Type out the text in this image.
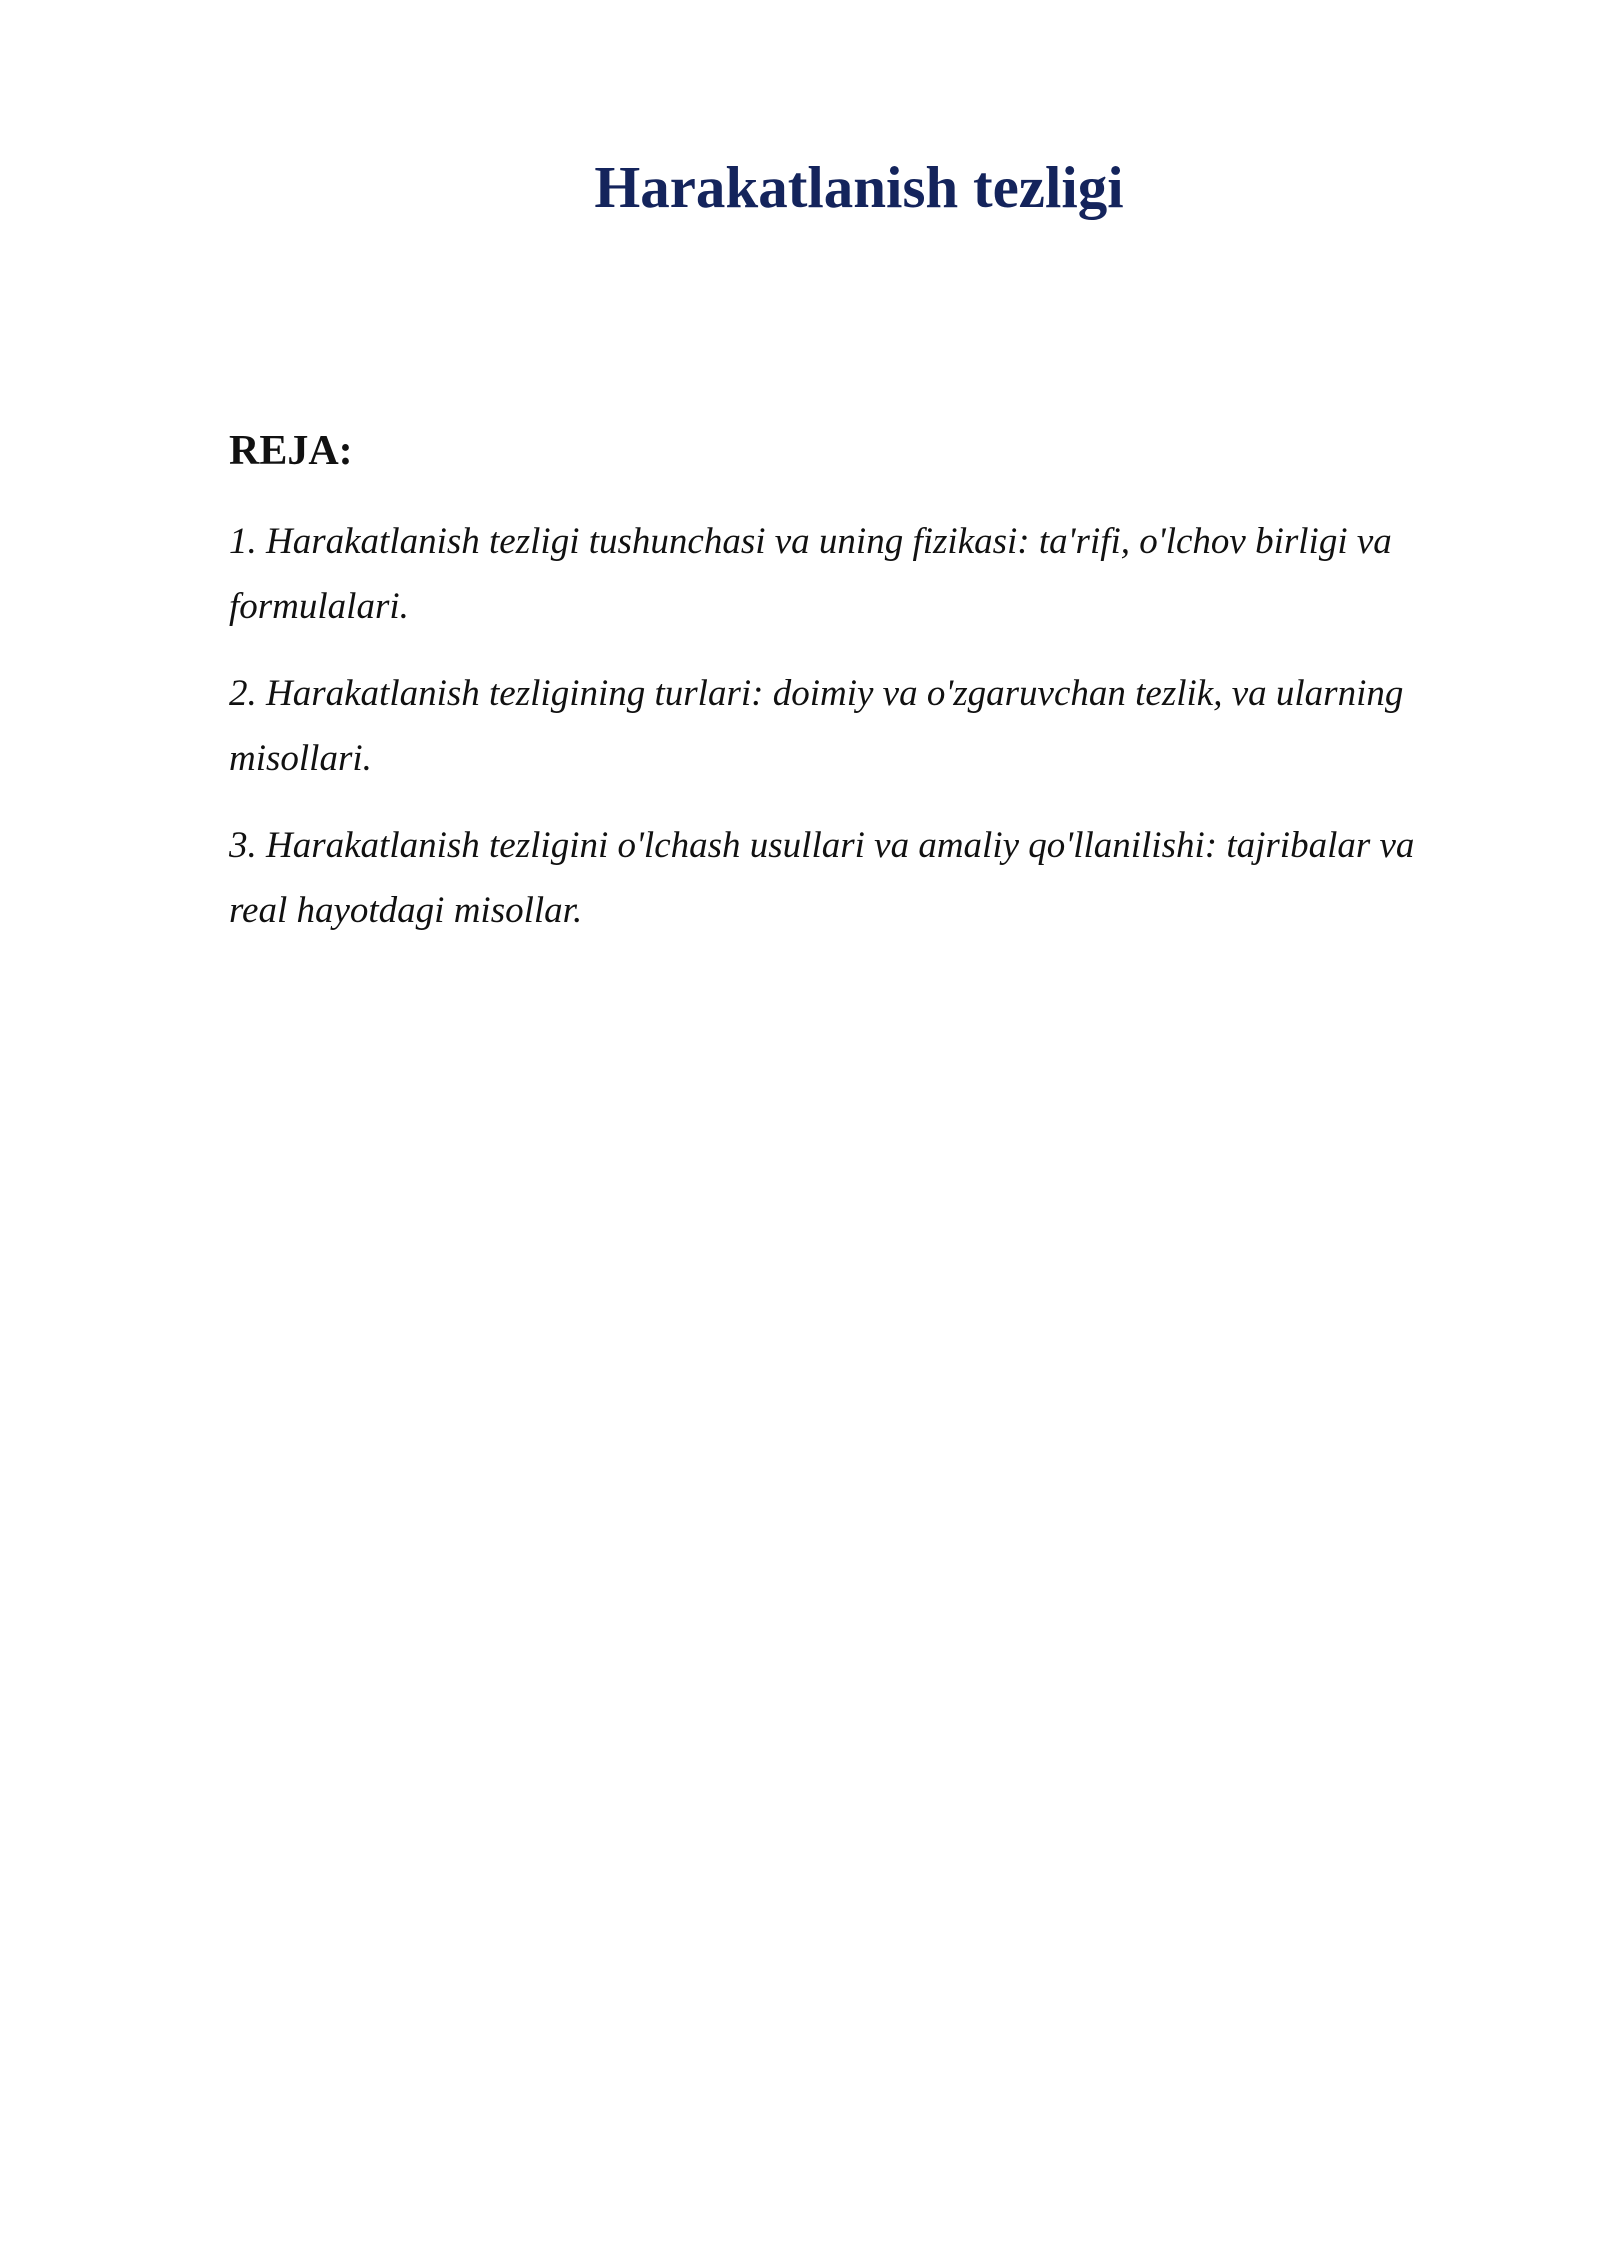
Harakatlanish tezligi
REJA:
1. Harakatlanish tezligi tushunchasi va uning fizikasi: ta'rifi, o'lchov birligi va formulalari.
2. Harakatlanish tezligining turlari: doimiy va o'zgaruvchan tezlik, va ularning misollari.
3. Harakatlanish tezligini o'lchash usullari va amaliy qo'llanilishi: tajribalar va real hayotdagi misollar.
